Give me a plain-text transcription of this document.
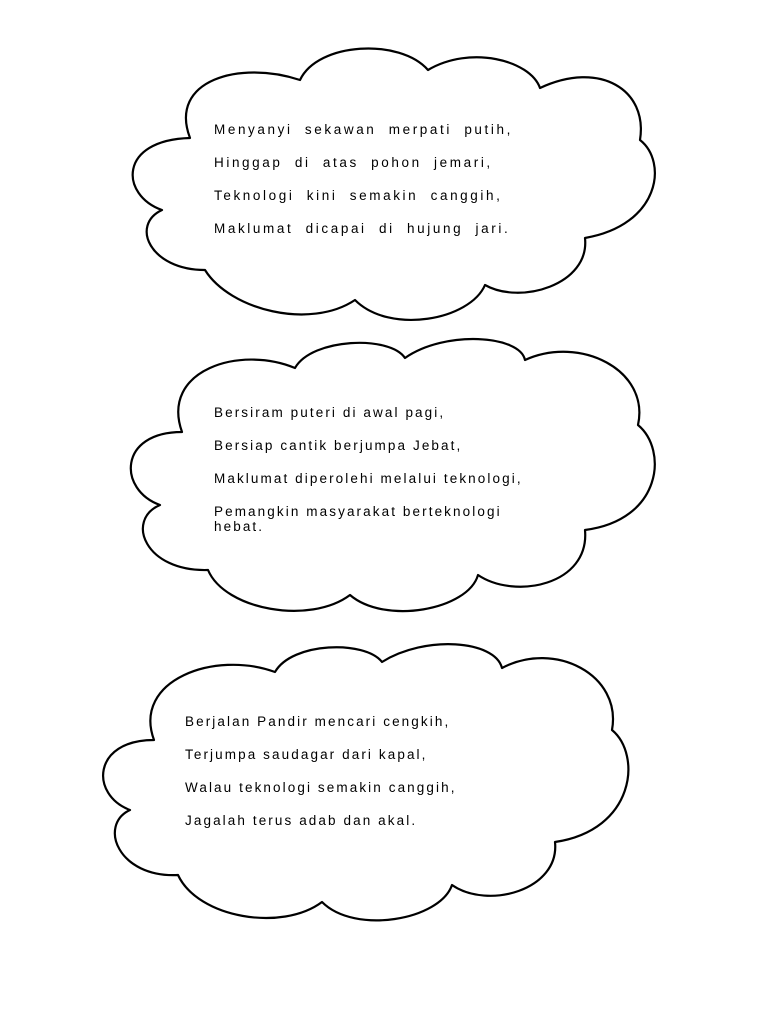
Menyanyi sekawan merpati putih,
Hinggap di atas pohon jemari,
Teknologi kini semakin canggih,
Maklumat dicapai di hujung jari.
Bersiram puteri di awal pagi,
Bersiap cantik berjumpa Jebat,
Maklumat diperolehi melalui teknologi,
Pemangkin masyarakat berteknologi hebat.
Berjalan Pandir mencari cengkih,
Terjumpa saudagar dari kapal,
Walau teknologi semakin canggih,
Jagalah terus adab dan akal.
